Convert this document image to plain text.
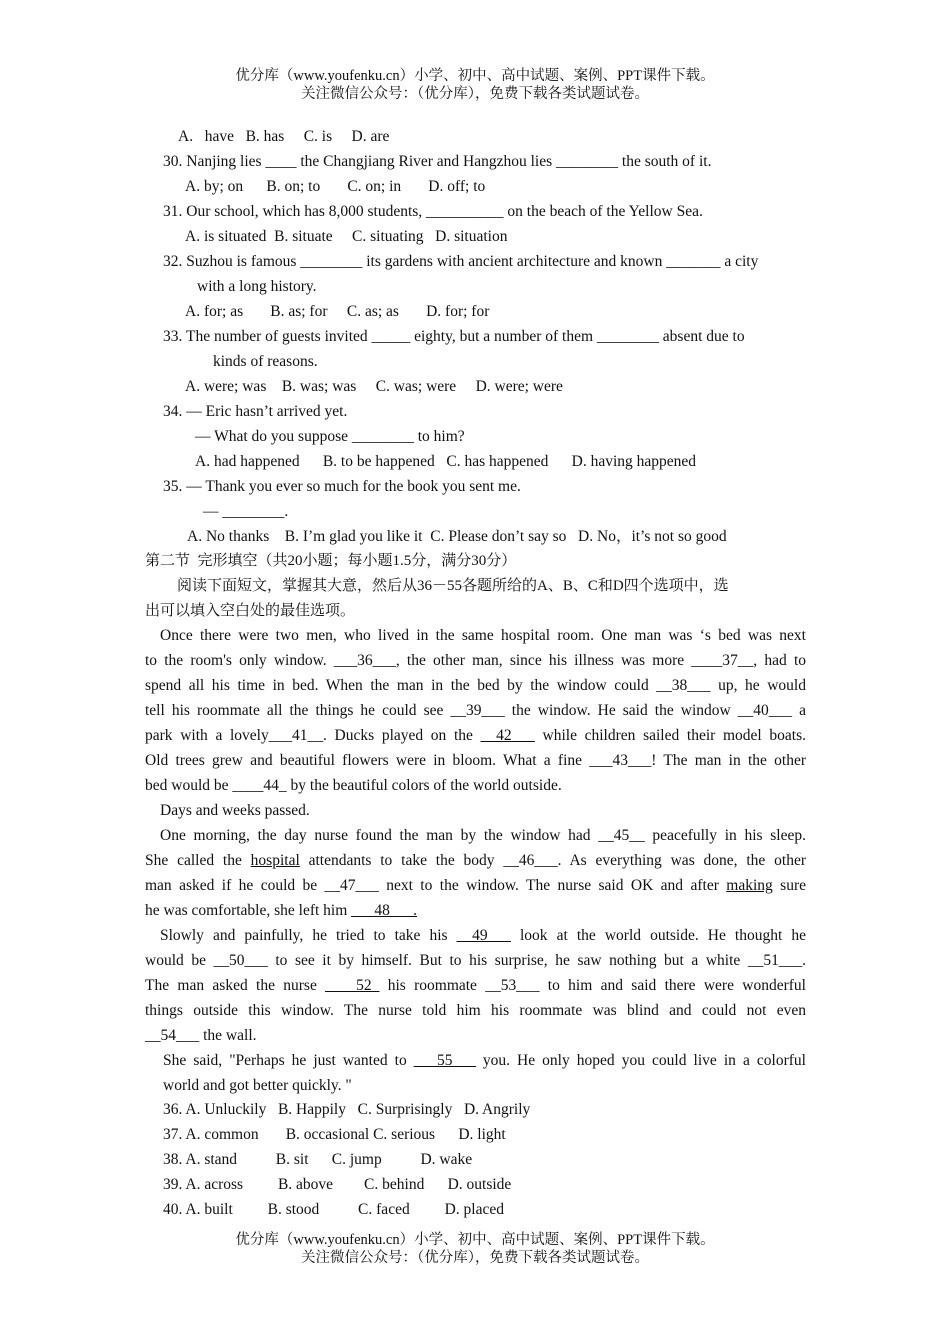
优分库（www.youfenku.cn）小学、初中、高中试题、案例、PPT课件下载。
关注微信公众号：（优分库），免费下载各类试题试卷。
A.   have   B. has     C. is     D. are
30. Nanjing lies ____ the Changjiang River and Hangzhou lies ________ the south of it.
A. by; on      B. on; to       C. on; in       D. off; to
31. Our school, which has 8,000 students, __________ on the beach of the Yellow Sea.
A. is situated  B. situate     C. situating   D. situation
32. Suzhou is famous ________ its gardens with ancient architecture and known _______ a city
with a long history.
A. for; as       B. as; for     C. as; as       D. for; for
33. The number of guests invited _____ eighty, but a number of them ________ absent due to
kinds of reasons.
A. were; was    B. was; was     C. was; were     D. were; were
34. — Eric hasn’t arrived yet.
— What do you suppose ________ to him?
A. had happened      B. to be happened   C. has happened      D. having happened
35. — Thank you ever so much for the book you sent me.
— ________.
A. No thanks    B. I’m glad you like it  C. Please don’t say so   D. No，it’s not so good
第二节  完形填空（共20小题；每小题1.5分，满分30分）
阅读下面短文，掌握其大意，然后从36－55各题所给的A、B、C和D四个选项中，选
出可以填入空白处的最佳选项。
Once there were two men, who lived in the same hospital room. One man was ‘s bed was next
to the room's only window. ___36___, the other man, since his illness was more ____37__, had to
spend all his time in bed. When the man in the bed by the window could __38___ up, he would
tell his roommate all the things he could see __39___ the window. He said the window __40___ a
park with a lovely___41__. Ducks played on the __42___ while children sailed their model boats.
Old trees grew and beautiful flowers were in bloom. What a fine ___43___! The man in the other
bed would be ____44_ by the beautiful colors of the world outside.
Days and weeks passed.
One morning, the day nurse found the man by the window had __45__ peacefully in his sleep.
She called the hospital attendants to take the body __46___. As everything was done, the other
man asked if he could be __47___ next to the window. The nurse said OK and after making sure
he was comfortable, she left him ___48___.
Slowly and painfully, he tried to take his __49___ look at the world outside. He thought he
would be __50___ to see it by himself. But to his surprise, he saw nothing but a white __51___.
The man asked the nurse ____52_ his roommate __53___ to him and said there were wonderful
things outside this window. The nurse told him his roommate was blind and could not even
__54___ the wall.
She said, "Perhaps he just wanted to ___55___ you. He only hoped you could live in a colorful
world and got better quickly. "
36. A. Unluckily   B. Happily   C. Surprisingly   D. Angrily
37. A. common       B. occasional C. serious      D. light
38. A. stand          B. sit      C. jump          D. wake
39. A. across         B. above        C. behind      D. outside
40. A. built         B. stood          C. faced         D. placed
优分库（www.youfenku.cn）小学、初中、高中试题、案例、PPT课件下载。
关注微信公众号：（优分库），免费下载各类试题试卷。
